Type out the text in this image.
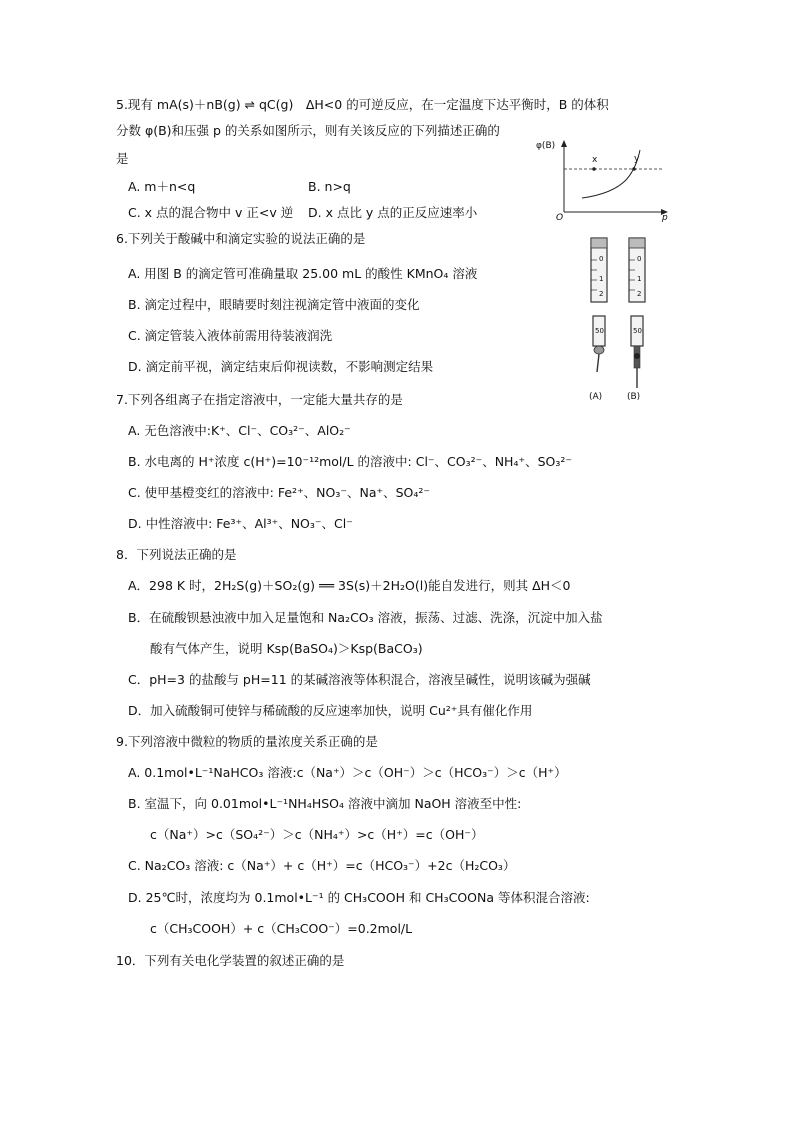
5.现有 mA(s)＋nB(g) ⇌ qC(g)　ΔH<0 的可逆反应，在一定温度下达平衡时，B 的体积
分数 φ(B)和压强 p 的关系如图所示，则有关该反应的下列描述正确的
是
A. m＋n<q	B. n>q
C. x 点的混合物中 v 正<v 逆 D. x 点比 y 点的正反应速率小
φ(B)
x	y
O	p
6.下列关于酸碱中和滴定实验的说法正确的是
A. 用图 B 的滴定管可准确量取 25.00 mL 的酸性 KMnO₄ 溶液
B. 滴定过程中，眼睛要时刻注视滴定管中液面的变化
C. 滴定管装入液体前需用待装液润洗
D. 滴定前平视，滴定结束后仰视读数，不影响测定结果
0
1
2
0
1
2
50	50
(A)	(B)
7.下列各组离子在指定溶液中，一定能大量共存的是
A. 无色溶液中:K⁺、Cl⁻、CO₃²⁻、AlO₂⁻
B. 水电离的 H⁺浓度 c(H⁺)=10⁻¹²mol/L 的溶液中: Cl⁻、CO₃²⁻、NH₄⁺、SO₃²⁻
C. 使甲基橙变红的溶液中: Fe²⁺、NO₃⁻、Na⁺、SO₄²⁻
D. 中性溶液中: Fe³⁺、Al³⁺、NO₃⁻、Cl⁻
8．下列说法正确的是
A．298 K 时，2H₂S(g)＋SO₂(g) ══ 3S(s)＋2H₂O(l)能自发进行，则其 ΔH＜0
B．在硫酸钡悬浊液中加入足量饱和 Na₂CO₃ 溶液，振荡、过滤、洗涤，沉淀中加入盐
酸有气体产生，说明 Ksp(BaSO₄)＞Ksp(BaCO₃)
C．pH=3 的盐酸与 pH=11 的某碱溶液等体积混合，溶液呈碱性，说明该碱为强碱
D．加入硫酸铜可使锌与稀硫酸的反应速率加快，说明 Cu²⁺具有催化作用
9.下列溶液中微粒的物质的量浓度关系正确的是
A. 0.1mol•L⁻¹NaHCO₃ 溶液:c（Na⁺）＞c（OH⁻）＞c（HCO₃⁻）＞c（H⁺）
B. 室温下，向 0.01mol•L⁻¹NH₄HSO₄ 溶液中滴加 NaOH 溶液至中性:
c（Na⁺）>c（SO₄²⁻）＞c（NH₄⁺）>c（H⁺）=c（OH⁻）
C. Na₂CO₃ 溶液: c（Na⁺）+ c（H⁺）=c（HCO₃⁻）+2c（H₂CO₃）
D. 25℃时，浓度均为 0.1mol•L⁻¹ 的 CH₃COOH 和 CH₃COONa 等体积混合溶液:
c（CH₃COOH）+ c（CH₃COO⁻）=0.2mol/L
10．下列有关电化学装置的叙述正确的是
